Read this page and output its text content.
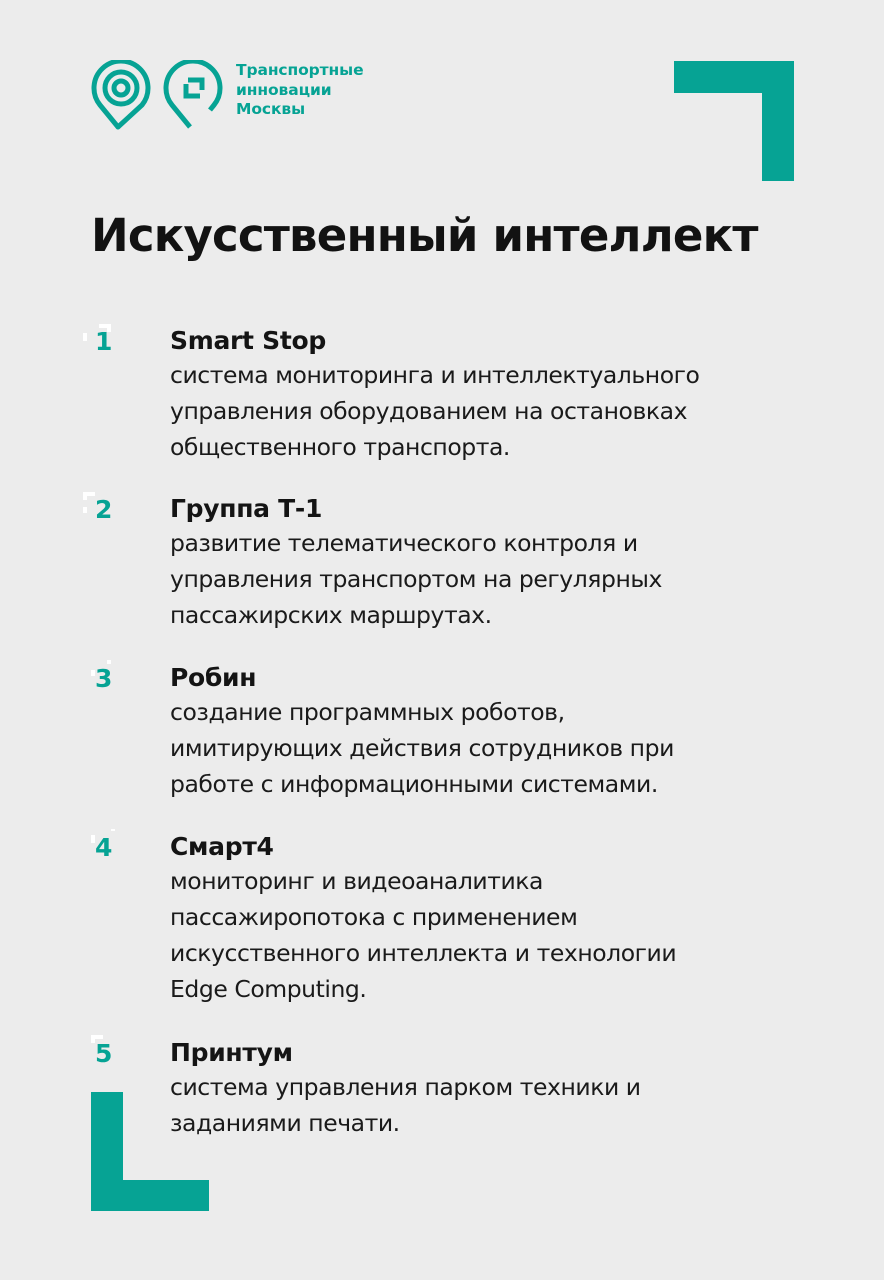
Транспортные
инновации
Москвы
Искусственный интеллект
1 Smart Stop
система мониторинга и интеллектуального
управления оборудованием на остановках
общественного транспорта.
2 Группа Т-1
развитие телематического контроля и
управления транспортом на регулярных
пассажирских маршрутах.
3 Робин
создание программных роботов,
имитирующих действия сотрудников при
работе с информационными системами.
4 Смарт4
мониторинг и видеоаналитика
пассажиропотока с применением
искусственного интеллекта и технологии
Edge Computing.
5 Принтум
система управления парком техники и
заданиями печати.
